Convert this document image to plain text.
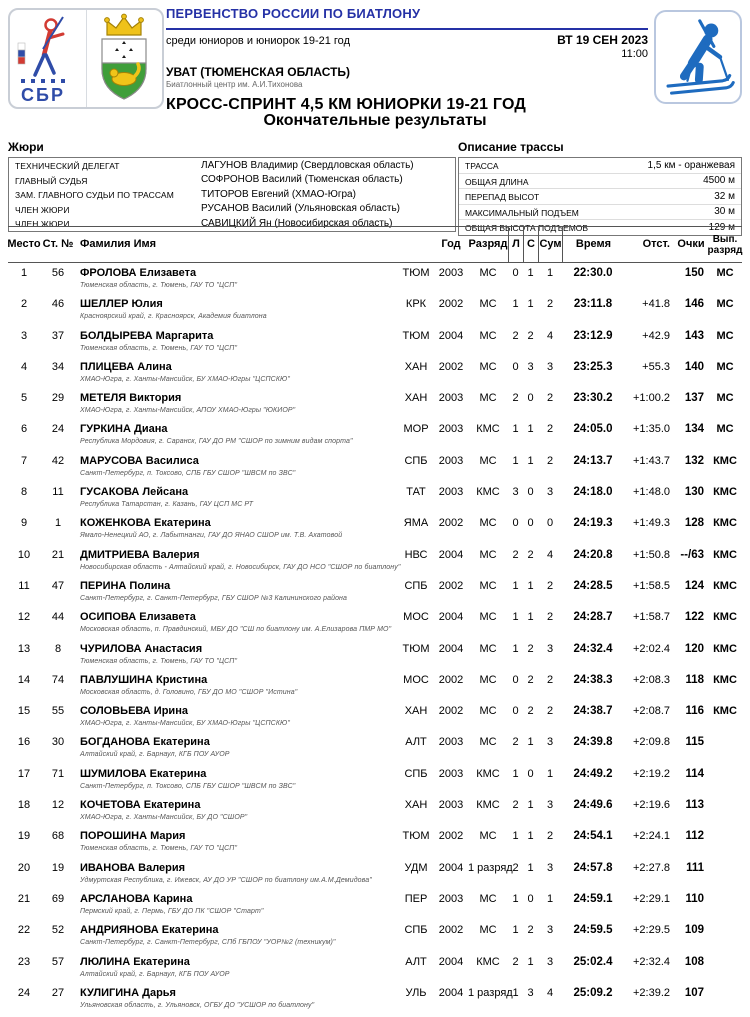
СБР
ПЕРВЕНСТВО РОССИИ ПО БИАТЛОНУ
среди юниоров и юниорок 19-21 год	ВТ 19 СЕН 2023
11:00
УВАТ (ТЮМЕНСКАЯ ОБЛАСТЬ)
Биатлонный центр им. А.И.Тихонова
КРОСС-СПРИНТ 4,5 КМ ЮНИОРКИ 19-21 ГОД
Окончательные результаты
Жюри
ТЕХНИЧЕСКИЙ ДЕЛЕГАТ	ЛАГУНОВ Владимир (Свердловская область)
ГЛАВНЫЙ СУДЬЯ	СОФРОНОВ Василий (Тюменская область)
ЗАМ. ГЛАВНОГО СУДЬИ ПО ТРАССАМ	ТИТОРОВ Евгений (ХМАО-Югра)
ЧЛЕН ЖЮРИ	РУСАНОВ Василий (Ульяновская область)
ЧЛЕН ЖЮРИ	САВИЦКИЙ Ян (Новосибирская область)
Описание трассы
ТРАССА	1,5 км - оранжевая
ОБЩАЯ ДЛИНА	4500 м
ПЕРЕПАД ВЫСОТ	32 м
МАКСИМАЛЬНЫЙ ПОДЪЕМ	30 м
ОБЩАЯ ВЫСОТА ПОДЪЕМОВ	129 м
Место Ст. № Фамилия Имя	Год Разряд Л С Сум	Время	Отст. Очки Вып. разряд
1	56	ФРОЛОВА Елизавета	ТЮМ 2003	МС	0 1	1	22:30.0	150	МС
Тюменская область, г. Тюмень, ГАУ ТО "ЦСП"
2	46	ШЕЛЛЕР Юлия	КРК	2002	МС	1 1	2	23:11.8	+41.8	146	МС
Красноярский край, г. Красноярск, Академия биатлона
3	37	БОЛДЫРЕВА Маргарита	ТЮМ 2004	МС	2 2	4	23:12.9	+42.9	143	МС
Тюменская область, г. Тюмень, ГАУ ТО "ЦСП"
4	34	ПЛИЦЕВА Алина	ХАН	2002	МС	0 3	3	23:25.3	+55.3	140	МС
ХМАО-Югра, г. Ханты-Мансийск, БУ ХМАО-Югры "ЦСПСКЮ"
5	29	МЕТЕЛЯ Виктория	ХАН	2003	МС	2 0	2	23:30.2	+1:00.2	137	МС
ХМАО-Югра, г. Ханты-Мансийск, АПОУ ХМАО-Югры "ЮКИОР"
6	24	ГУРКИНА Диана	МОР 2003	КМС	1 1	2	24:05.0	+1:35.0	134	МС
Республика Мордовия, г. Саранск, ГАУ ДО РМ "СШОР по зимним видам спорта"
7	42	МАРУСОВА Василиса	СПБ	2003	МС	1 1	2	24:13.7	+1:43.7	132 КМС
Санкт-Петербург, п. Токсово, СПБ ГБУ СШОР "ШВСМ по ЗВС"
8	11	ГУСАКОВА Лейсана	ТАТ	2003	КМС	3 0	3	24:18.0	+1:48.0	130 КМС
Республика Татарстан, г. Казань, ГАУ ЦСП МС РТ
9	1	КОЖЕНКОВА Екатерина	ЯМА 2002	МС	0 0	0	24:19.3	+1:49.3	128 КМС
Ямало-Ненецкий АО, г. Лабытнанги, ГАУ ДО ЯНАО СШОР им. Т.В. Ахатовой
10	21	ДМИТРИЕВА Валерия	НВС	2004	МС	2 2	4	24:20.8	+1:50.8 --/63 КМС
Новосибирская область - Алтайский край, г. Новосибирск, ГАУ ДО НСО "СШОР по биатлону"
11	47	ПЕРИНА Полина	СПБ	2002	МС	1 1	2	24:28.5	+1:58.5	124 КМС
Санкт-Петербург, г. Санкт-Петербург, ГБУ СШОР №3 Калининского района
12	44	ОСИПОВА Елизавета	МОС 2004	МС	1 1	2	24:28.7	+1:58.7	122 КМС
Московская область, п. Правдинский, МБУ ДО "СШ по биатлону им. А.Елизарова ПМР МО"
13	8	ЧУРИЛОВА Анастасия	ТЮМ 2004	МС	1 2	3	24:32.4	+2:02.4	120 КМС
Тюменская область, г. Тюмень, ГАУ ТО "ЦСП"
14	74	ПАВЛУШИНА Кристина	МОС 2002	МС	0 2	2	24:38.3	+2:08.3	118 КМС
Московская область, д. Головино, ГБУ ДО МО "СШОР "Истина"
15	55	СОЛОВЬЕВА Ирина	ХАН	2002	МС	0 2	2	24:38.7	+2:08.7	116 КМС
ХМАО-Югра, г. Ханты-Мансийск, БУ ХМАО-Югры "ЦСПСКЮ"
16	30	БОГДАНОВА Екатерина	АЛТ	2003	МС	2 1	3	24:39.8	+2:09.8	115
Алтайский край, г. Барнаул, КГБ ПОУ АУОР
17	71	ШУМИЛОВА Екатерина	СПБ	2003	КМС	1 0	1	24:49.2	+2:19.2	114
Санкт-Петербург, п. Токсово, СПБ ГБУ СШОР "ШВСМ по ЗВС"
18	12	КОЧЕТОВА Екатерина	ХАН	2003	КМС	2 1	3	24:49.6	+2:19.6	113
ХМАО-Югра, г. Ханты-Мансийск, БУ ДО "СШОР"
19	68	ПОРОШИНА Мария	ТЮМ 2002	МС	1 1	2	24:54.1	+2:24.1	112
Тюменская область, г. Тюмень, ГАУ ТО "ЦСП"
20	19	ИВАНОВА Валерия	УДМ	2004 1 разряд 2 1	3	24:57.8	+2:27.8	111
Удмуртская Республика, г. Ижевск, АУ ДО УР "СШОР по биатлону им.А.М.Демидова"
21	69	АРСЛАНОВА Карина	ПЕР	2003	МС	1 0	1	24:59.1	+2:29.1	110
Пермский край, г. Пермь, ГБУ ДО ПК "СШОР "Старт"
22	52	АНДРИЯНОВА Екатерина	СПБ	2002	МС	1 2	3	24:59.5	+2:29.5	109
Санкт-Петербург, г. Санкт-Петербург, СПб ГБПОУ "УОР№2 (техникум)"
23	57	ЛЮЛИНА Екатерина	АЛТ	2004	КМС	2 1	3	25:02.4	+2:32.4	108
Алтайский край, г. Барнаул, КГБ ПОУ АУОР
24	27	КУЛИГИНА Дарья	УЛЬ	2004 1 разряд 1 3	4	25:09.2	+2:39.2	107
Ульяновская область, г. Ульяновск, ОГБУ ДО "УСШОР по биатлону"
